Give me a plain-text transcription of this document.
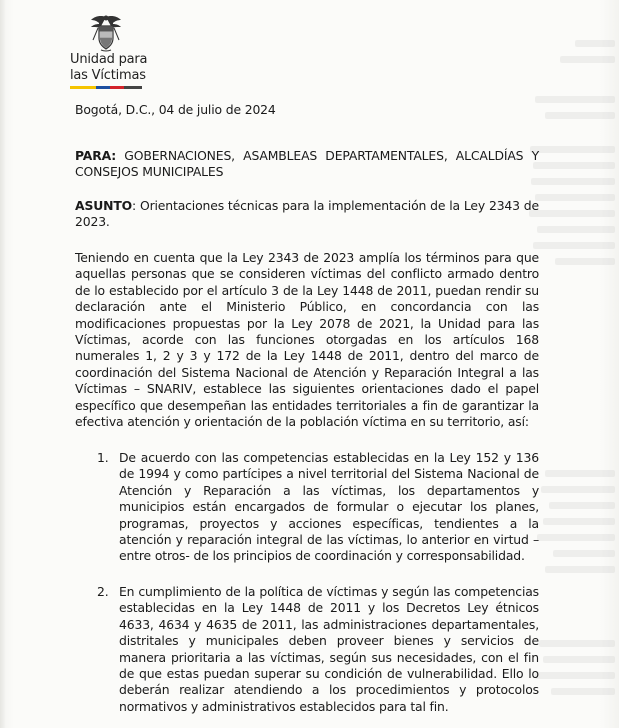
Unidad para
las Víctimas
Bogotá, D.C., 04 de julio de 2024
PARA: GOBERNACIONES, ASAMBLEAS DEPARTAMENTALES, ALCALDÍAS Y CONSEJOS MUNICIPALES
ASUNTO: Orientaciones técnicas para la implementación de la Ley 2343 de 2023.
Teniendo en cuenta que la Ley 2343 de 2023 amplía los términos para que aquellas personas que se consideren víctimas del conflicto armado dentro de lo establecido por el artículo 3 de la Ley 1448 de 2011, puedan rendir su declaración ante el Ministerio Público, en concordancia con las modificaciones propuestas por la Ley 2078 de 2021, la Unidad para las Víctimas, acorde con las funciones otorgadas en los artículos 168 numerales 1, 2 y 3 y 172 de la Ley 1448 de 2011, dentro del marco de coordinación del Sistema Nacional de Atención y Reparación Integral a las Víctimas – SNARIV, establece las siguientes orientaciones dado el papel específico que desempeñan las entidades territoriales a fin de garantizar la efectiva atención y orientación de la población víctima en su territorio, así:
1. De acuerdo con las competencias establecidas en la Ley 152 y 136 de 1994 y como partícipes a nivel territorial del Sistema Nacional de Atención y Reparación a las víctimas, los departamentos y municipios están encargados de formular o ejecutar los planes, programas, proyectos y acciones específicas, tendientes a la atención y reparación integral de las víctimas, lo anterior en virtud –entre otros- de los principios de coordinación y corresponsabilidad.
2. En cumplimiento de la política de víctimas y según las competencias establecidas en la Ley 1448 de 2011 y los Decretos Ley étnicos 4633, 4634 y 4635 de 2011, las administraciones departamentales, distritales y municipales deben proveer bienes y servicios de manera prioritaria a las víctimas, según sus necesidades, con el fin de que estas puedan superar su condición de vulnerabilidad. Ello lo deberán realizar atendiendo a los procedimientos y protocolos normativos y administrativos establecidos para tal fin.
